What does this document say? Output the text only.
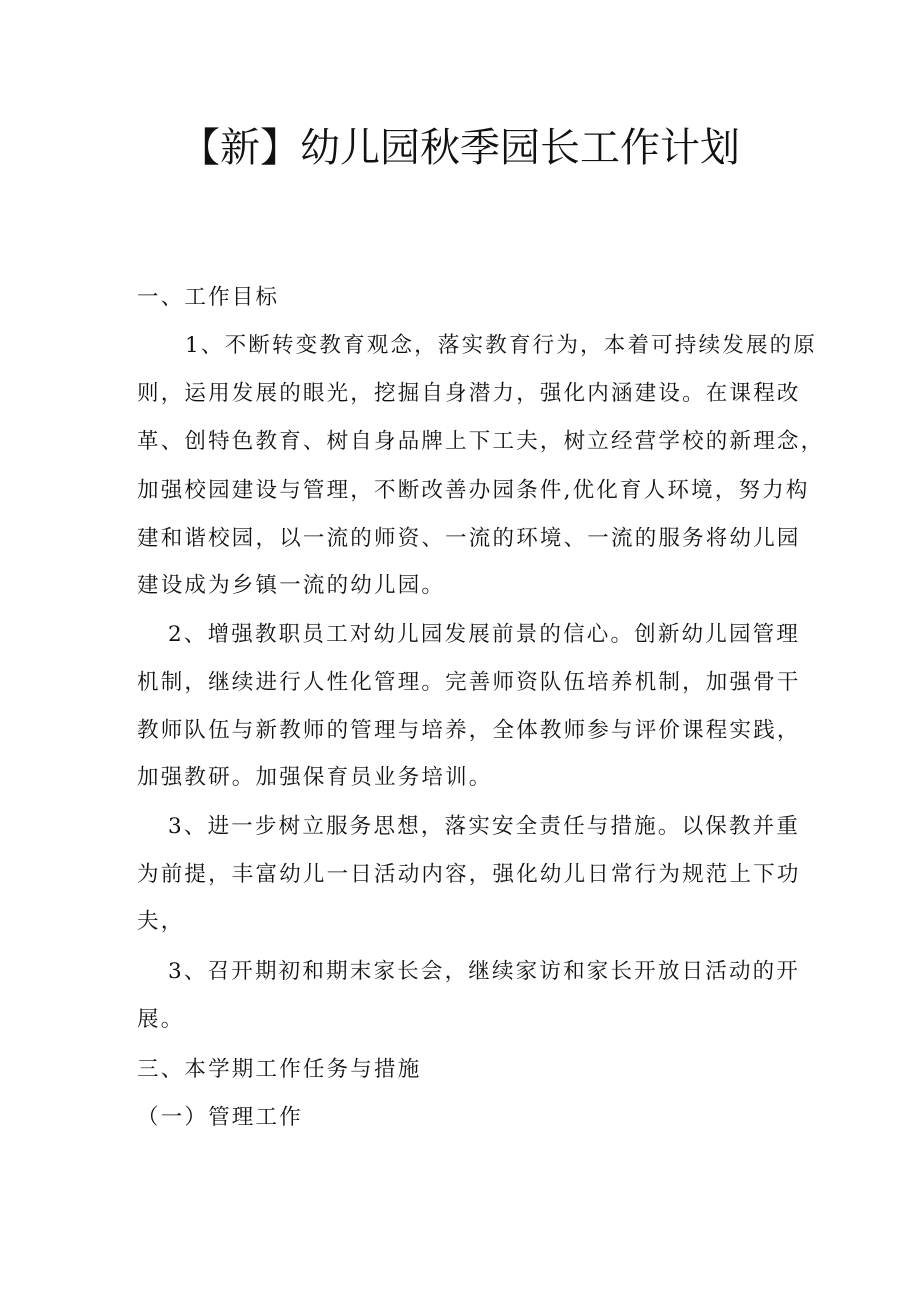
【新】幼儿园秋季园长工作计划
一、工作目标
1、不断转变教育观念，落实教育行为，本着可持续发展的原
则，运用发展的眼光，挖掘自身潜力，强化内涵建设。在课程改
革、创特色教育、树自身品牌上下工夫，树立经营学校的新理念，
加强校园建设与管理，不断改善办园条件,优化育人环境，努力构
建和谐校园，以一流的师资、一流的环境、一流的服务将幼儿园
建设成为乡镇一流的幼儿园。
2、增强教职员工对幼儿园发展前景的信心。创新幼儿园管理
机制，继续进行人性化管理。完善师资队伍培养机制，加强骨干
教师队伍与新教师的管理与培养，全体教师参与评价课程实践，
加强教研。加强保育员业务培训。
3、进一步树立服务思想，落实安全责任与措施。以保教并重
为前提，丰富幼儿一日活动内容，强化幼儿日常行为规范上下功
夫，
3、召开期初和期末家长会，继续家访和家长开放日活动的开
展。
三、本学期工作任务与措施
（一）管理工作
